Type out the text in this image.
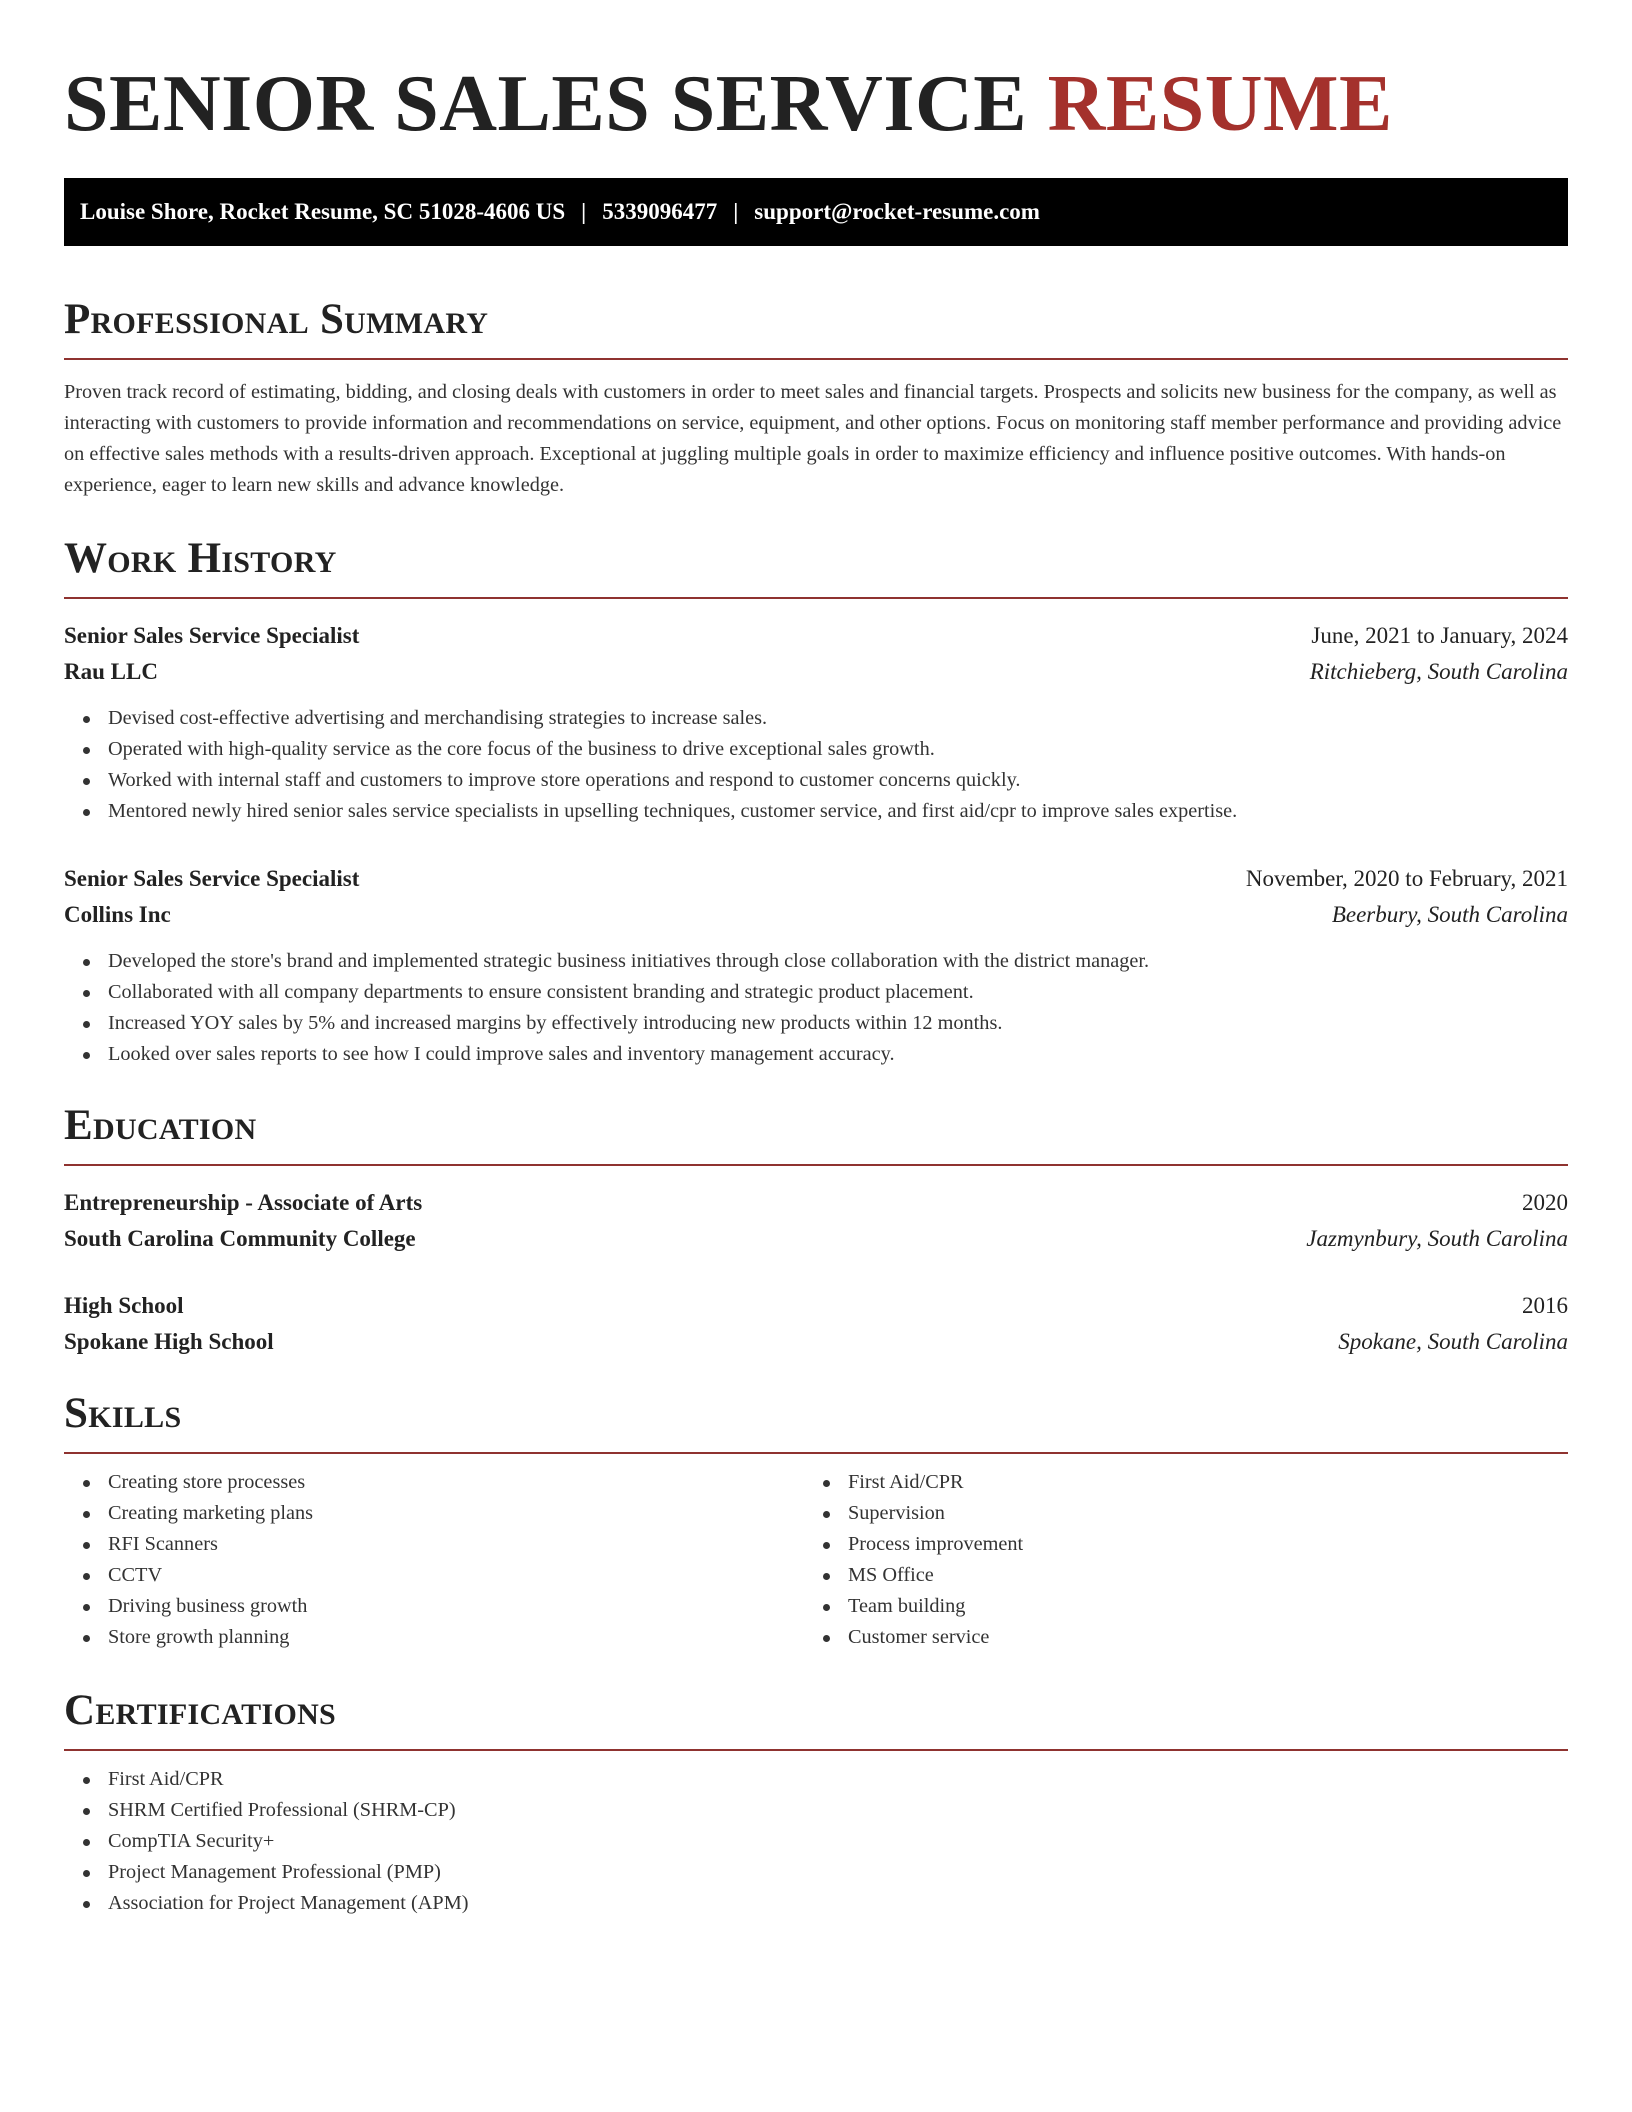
SENIOR SALES SERVICE RESUME
Louise Shore, Rocket Resume, SC 51028-4606 US | 5339096477 | support@rocket-resume.com
Professional Summary

Proven track record of estimating, bidding, and closing deals with customers in order to meet sales and financial targets. Prospects and solicits new business for the company, as well as interacting with customers to provide information and recommendations on service, equipment, and other options. Focus on monitoring staff member performance and providing advice on effective sales methods with a results-driven approach. Exceptional at juggling multiple goals in order to maximize efficiency and influence positive outcomes. With hands-on experience, eager to learn new skills and advance knowledge.

Work History
Senior Sales Service Specialist	June, 2021 to January, 2024
Rau LLC	Ritchieberg, South Carolina
Devised cost-effective advertising and merchandising strategies to increase sales.
Operated with high-quality service as the core focus of the business to drive exceptional sales growth.
Worked with internal staff and customers to improve store operations and respond to customer concerns quickly.
Mentored newly hired senior sales service specialists in upselling techniques, customer service, and first aid/cpr to improve sales expertise.
Senior Sales Service Specialist	November, 2020 to February, 2021
Collins Inc	Beerbury, South Carolina
Developed the store's brand and implemented strategic business initiatives through close collaboration with the district manager.
Collaborated with all company departments to ensure consistent branding and strategic product placement.
Increased YOY sales by 5% and increased margins by effectively introducing new products within 12 months.
Looked over sales reports to see how I could improve sales and inventory management accuracy.
Education
Entrepreneurship - Associate of Arts	2020
South Carolina Community College	Jazmynbury, South Carolina
High School	2016
Spokane High School	Spokane, South Carolina
Skills
Creating store processes
Creating marketing plans
RFI Scanners
CCTV
Driving business growth
Store growth planning
First Aid/CPR
Supervision
Process improvement
MS Office
Team building
Customer service
Certifications
First Aid/CPR
SHRM Certified Professional (SHRM-CP)
CompTIA Security+
Project Management Professional (PMP)
Association for Project Management (APM)
